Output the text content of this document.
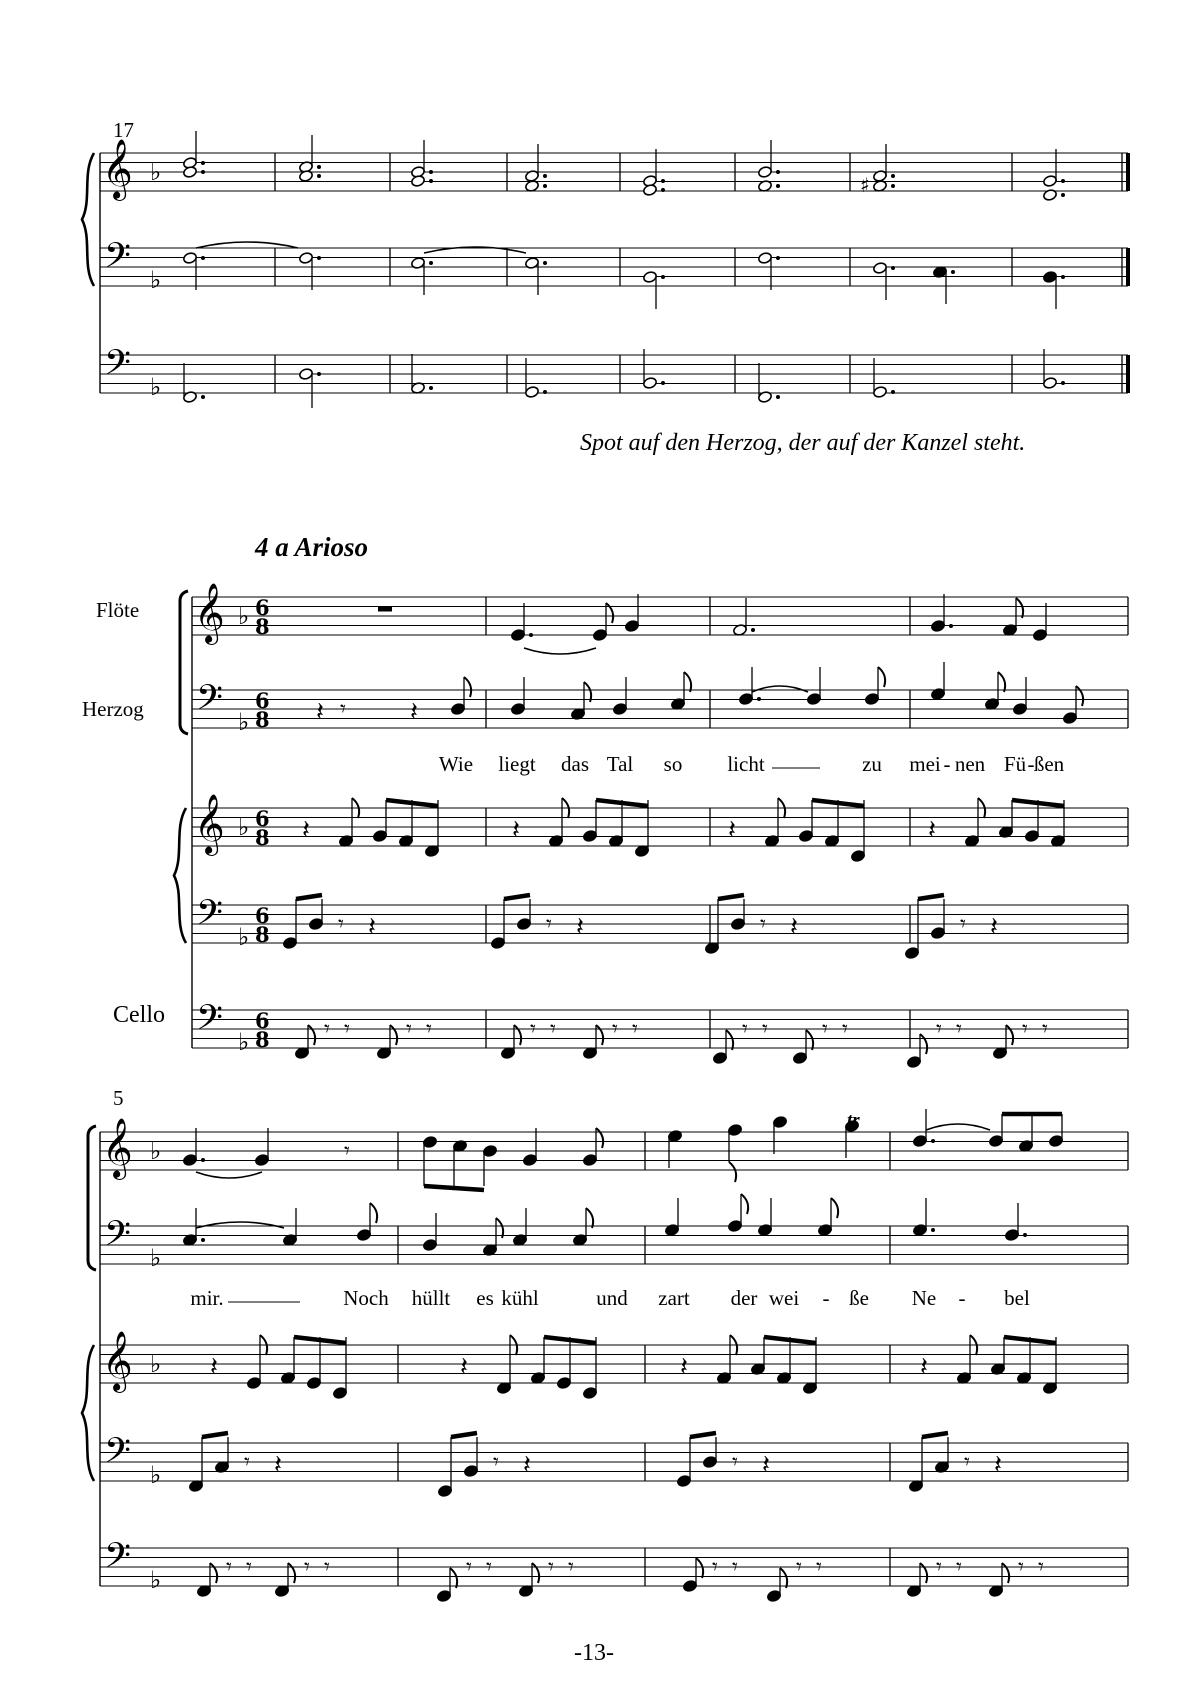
𝄞 ♭
𝄢 ♭
𝄢 ♭
♯
𝄞 ♭ 6
8
𝄢 ♭
6
8
𝄞 ♭ 6
8
𝄢 ♭
6
8
𝄢 ♭
6
8
𝄞 ♭
𝄢 ♭
𝄞 ♭
𝄢 ♭
𝄢 ♭
𝄽 𝄾 𝄽
𝄽	𝄽	𝄽	𝄽
𝄾 𝄽	𝄾 𝄽	𝄾 𝄽	𝄾 𝄽
𝄾 𝄾	𝄾 𝄾	𝄾 𝄾	𝄾 𝄾	𝄾 𝄾 𝄾 𝄾	𝄾 𝄾	𝄾 𝄾
𝄾
𝄽	𝄽	𝄽	𝄽
𝄾 𝄽	𝄾 𝄽	𝄾 𝄽	𝄾 𝄽
𝄾 𝄾 𝄾 𝄾	𝄾 𝄾	𝄾 𝄾	𝄾 𝄾	𝄾 𝄾	𝄾 𝄾	𝄾 𝄾
17
Spot auf den Herzog, der auf der Kanzel steht.
4 a Arioso
Flöte
Herzog
Cello
5
tr
Wie liegt das Tal so licht	zu mei - nen Fü - ßen
mir.	Noch hüllt es kühl	und zart der wei - ße Ne - bel
-13-
